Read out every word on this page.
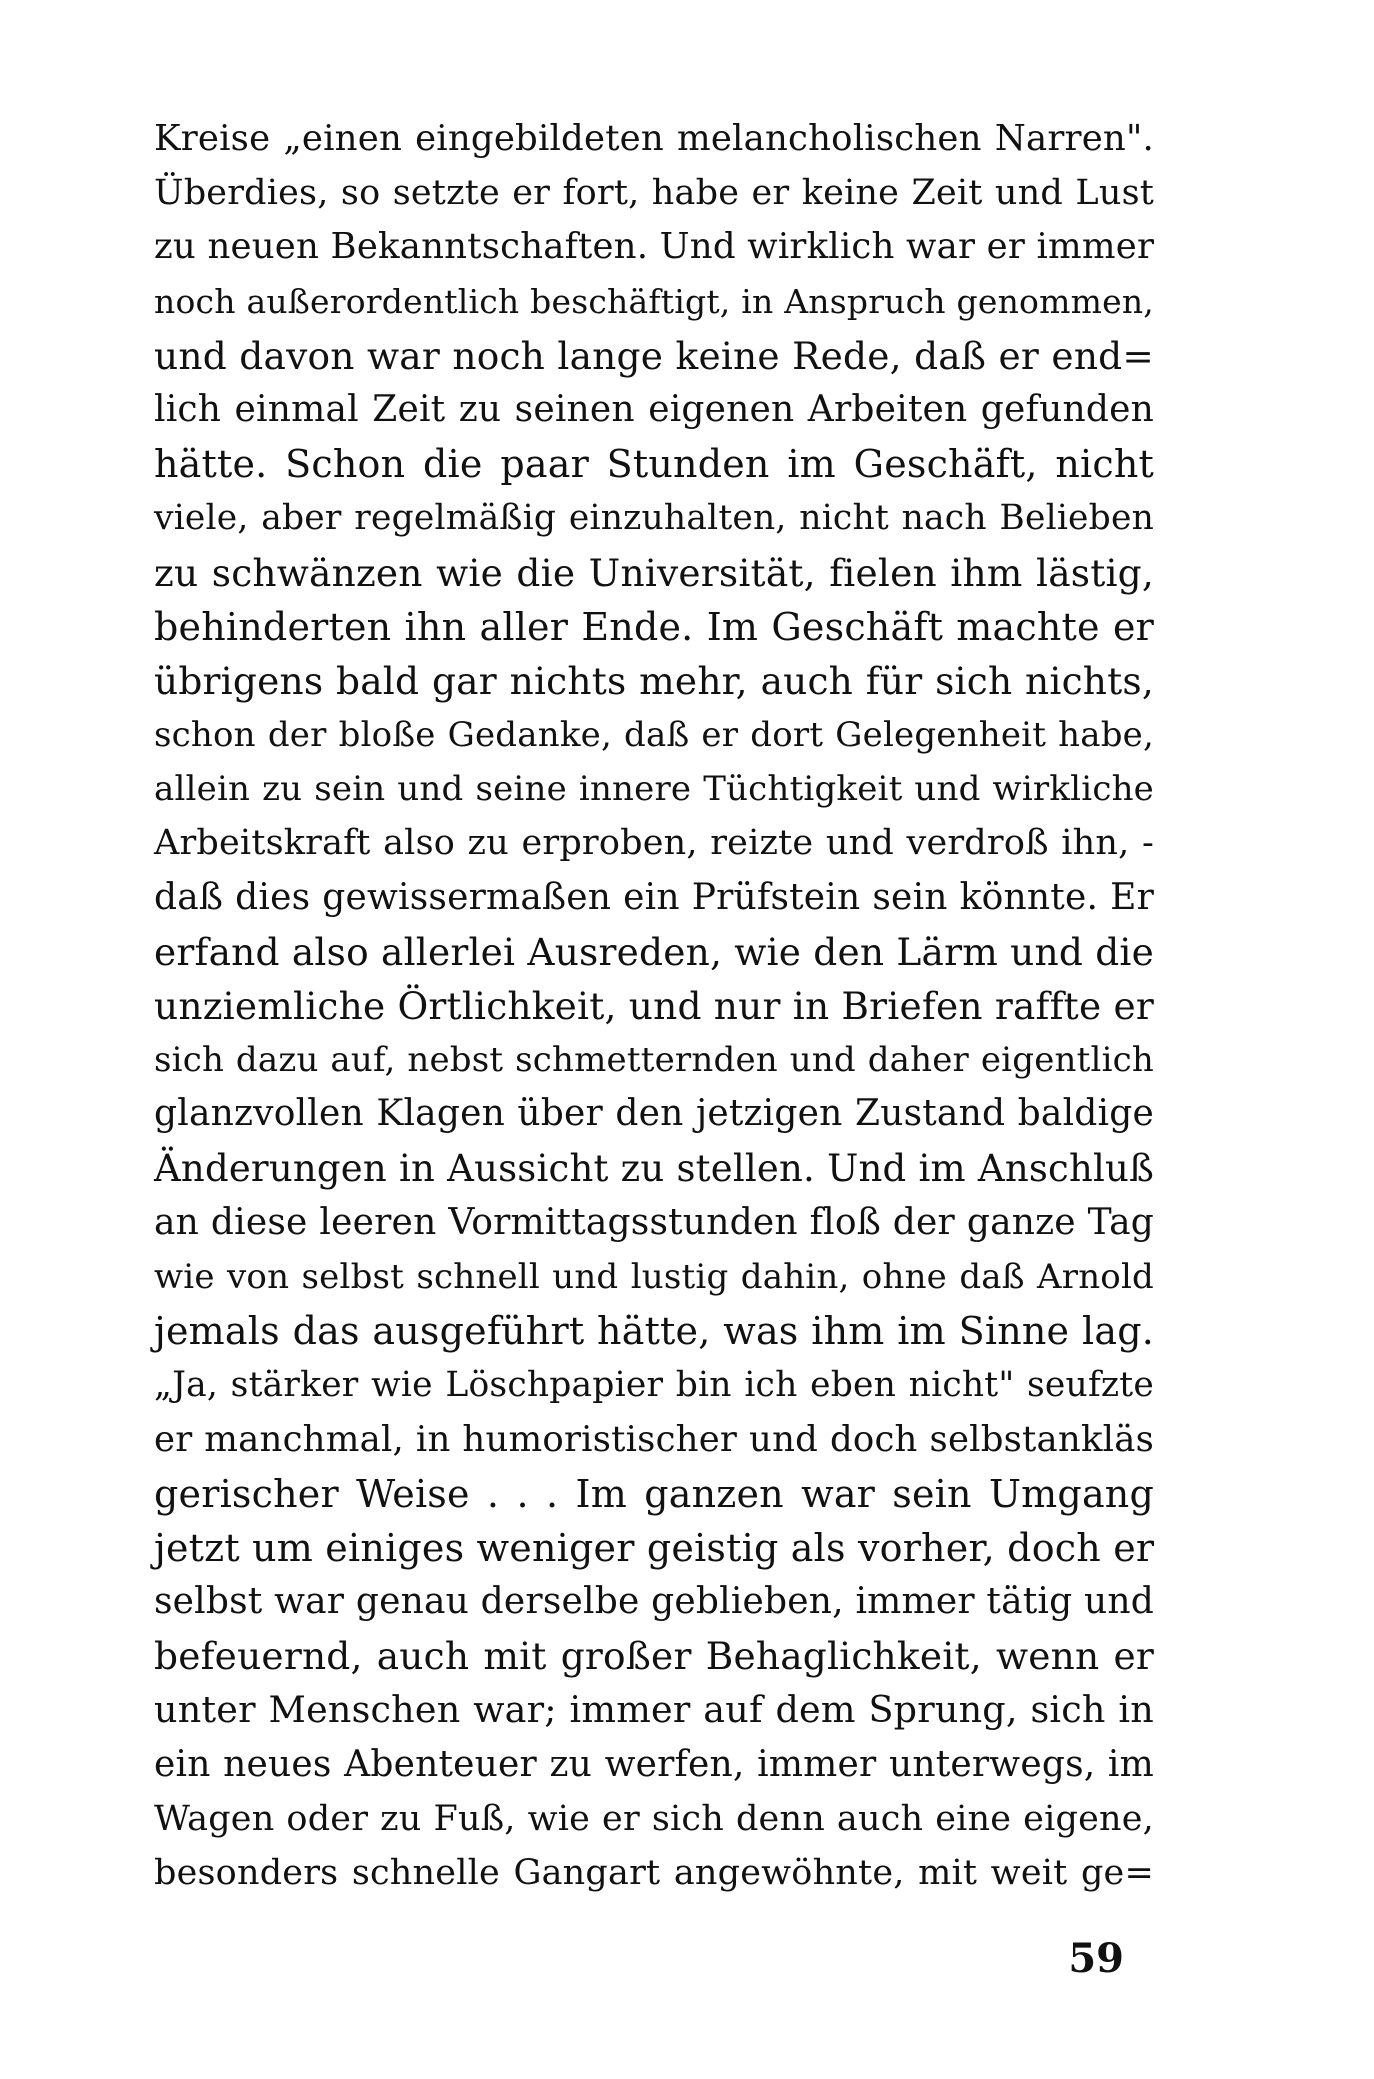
Kreise „einen eingebildeten melancholischen Narren".
Überdies, so setzte er fort, habe er keine Zeit und Lust
zu neuen Bekanntschaften. Und wirklich war er immer
noch außerordentlich beschäftigt, in Anspruch genommen,
und davon war noch lange keine Rede, daß er end=
lich einmal Zeit zu seinen eigenen Arbeiten gefunden
hätte. Schon die paar Stunden im Geschäft, nicht
viele, aber regelmäßig einzuhalten, nicht nach Belieben
zu schwänzen wie die Universität, fielen ihm lästig,
behinderten ihn aller Ende. Im Geschäft machte er
übrigens bald gar nichts mehr, auch für sich nichts,
schon der bloße Gedanke, daß er dort Gelegenheit habe,
allein zu sein und seine innere Tüchtigkeit und wirkliche
Arbeitskraft also zu erproben, reizte und verdroß ihn, -
daß dies gewissermaßen ein Prüfstein sein könnte. Er
erfand also allerlei Ausreden, wie den Lärm und die
unziemliche Örtlichkeit, und nur in Briefen raffte er
sich dazu auf, nebst schmetternden und daher eigentlich
glanzvollen Klagen über den jetzigen Zustand baldige
Änderungen in Aussicht zu stellen. Und im Anschluß
an diese leeren Vormittagsstunden floß der ganze Tag
wie von selbst schnell und lustig dahin, ohne daß Arnold
jemals das ausgeführt hätte, was ihm im Sinne lag.
„Ja, stärker wie Löschpapier bin ich eben nicht" seufzte
er manchmal, in humoristischer und doch selbstankläs
gerischer Weise . . . Im ganzen war sein Umgang
jetzt um einiges weniger geistig als vorher, doch er
selbst war genau derselbe geblieben, immer tätig und
befeuernd, auch mit großer Behaglichkeit, wenn er
unter Menschen war; immer auf dem Sprung, sich in
ein neues Abenteuer zu werfen, immer unterwegs, im
Wagen oder zu Fuß, wie er sich denn auch eine eigene,
besonders schnelle Gangart angewöhnte, mit weit ge=
59
